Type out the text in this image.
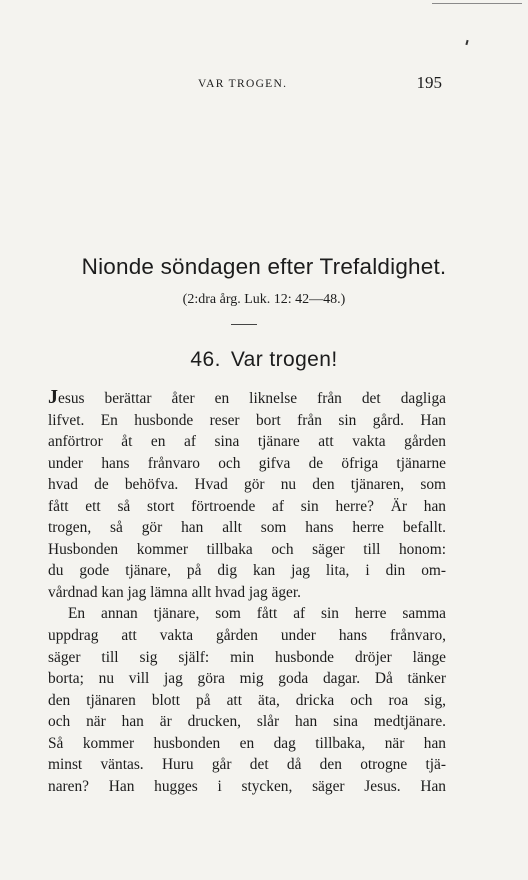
VAR TROGEN.	195
Nionde söndagen efter Trefaldighet.
(2:dra årg. Luk. 12: 42—48.)
46. Var trogen!
Jesus berättar åter en liknelse från det dagliga
lifvet. En husbonde reser bort från sin gård. Han
anförtror åt en af sina tjänare att vakta gården
under hans frånvaro och gifva de öfriga tjänarne
hvad de behöfva. Hvad gör nu den tjänaren, som
fått ett så stort förtroende af sin herre? Är han
trogen, så gör han allt som hans herre befallt.
Husbonden kommer tillbaka och säger till honom:
du gode tjänare, på dig kan jag lita, i din om-
vårdnad kan jag lämna allt hvad jag äger.
En annan tjänare, som fått af sin herre samma
uppdrag att vakta gården under hans frånvaro,
säger till sig själf: min husbonde dröjer länge
borta; nu vill jag göra mig goda dagar. Då tänker
den tjänaren blott på att äta, dricka och roa sig,
och när han är drucken, slår han sina medtjänare.
Så kommer husbonden en dag tillbaka, när han
minst väntas. Huru går det då den otrogne tjä-
naren? Han hugges i stycken, säger Jesus. Han
